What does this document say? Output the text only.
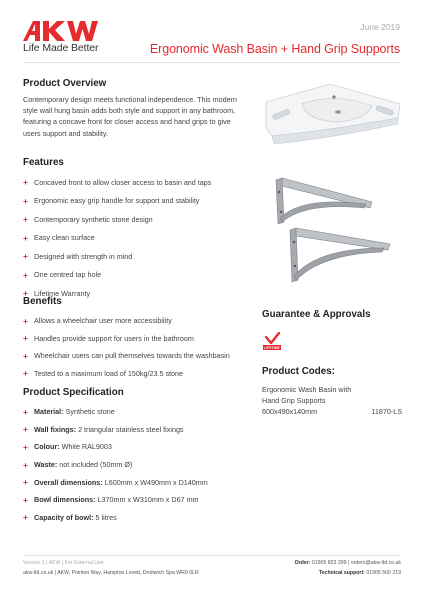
Life Made Better
June 2019
Ergonomic Wash Basin + Hand Grip Supports
Product Overview

Contemporary design meets functional independence. This modern style wall hung basin adds both style and support in any bathroom, featuring a concave front for closer access and hand grips to give users support and stability.

Features
+ Concaved front to allow closer access to basin and taps
+ Ergonomic easy grip handle for support and stability
+ Contemporary synthetic stone design
+ Easy clean surface
+ Designed with strength in mind
+ One centred tap hole
+ Lifetime Warranty
Benefits
+ Allows a wheelchair user more accessibility
+ Handles provide support for users in the bathroom
+ Wheelchair users can pull themselves towards the washbasin
+ Tested to a maximum load of 150kg/23.5 stone
Product Specification
+ Material:
Synthetic stone
+ Wall fixings:
2 triangular stainless steel fixings
+ Colour:
White RAL9003
+ Waste:
not included (50mm Ø)
+ Overall dimensions:
L600mm x W490mm x D140mm
+ Bowl dimensions:
L370mm x W310mm x D67 mm
+ Capacity of bowl:
5 litres
Guarantee & Approvals
LIFETIME
Product Codes:
Ergonomic Wash Basin with
Hand Grip Supports
600x490x140mm	11870-LS
Version 1 | AKW | For External Use
akw-ltd.co.uk | AKW, Pointon Way, Hampton Lovett, Droitwich Spa WR9 0LR
Order: 01905 823 299 | orders@akw-ltd.co.uk
Technical support: 01905 560 219
